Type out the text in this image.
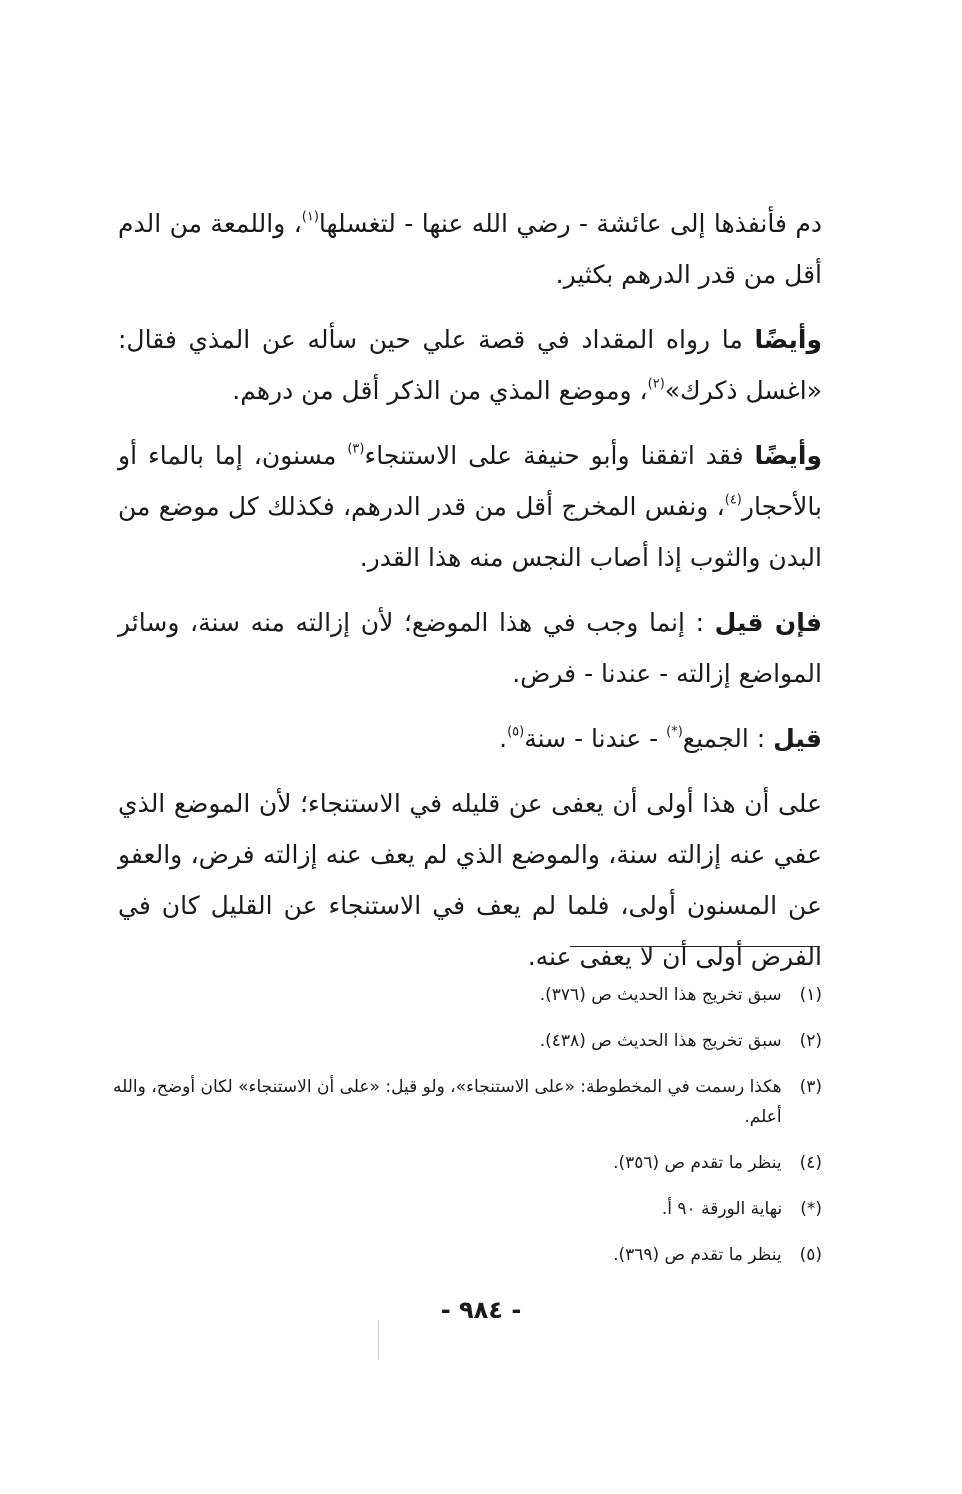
دم فأنفذها إلى عائشة - رضي الله عنها - لتغسلها$^{(١)}$، واللمعة من الدم أقل من قدر الدرهم بكثير.

وأيضًا ما رواه المقداد في قصة علي حين سأله عن المذي فقال: «اغسل ذكرك»$^{(٢)}$، وموضع المذي من الذكر أقل من درهم.

وأيضًا فقد اتفقنا وأبو حنيفة على الاستنجاء$^{(٣)}$ مسنون، إما بالماء أو بالأحجار$^{(٤)}$، ونفس المخرج أقل من قدر الدرهم، فكذلك كل موضع من البدن والثوب إذا أصاب النجس منه هذا القدر.

فإن قيل : إنما وجب في هذا الموضع؛ لأن إزالته منه سنة، وسائر المواضع إزالته - عندنا - فرض.

قيل : الجميع(*) - عندنا - سنة$^{(٥)}$.

على أن هذا أولى أن يعفى عن قليله في الاستنجاء؛ لأن الموضع الذي عفي عنه إزالته سنة، والموضع الذي لم يعف عنه إزالته فرض، والعفو عن المسنون أولى، فلما لم يعف في الاستنجاء عن القليل كان في الفرض أولى أن لا يعفى عنه.

(١)
سبق تخريج هذا الحديث ص (٣٧٦).
(٢)
سبق تخريج هذا الحديث ص (٤٣٨).
(٣)
هكذا رسمت في المخطوطة: «على الاستنجاء»، ولو قيل: «على أن الاستنجاء» لكان أوضح، والله أعلم.
(٤)
ينظر ما تقدم ص (٣٥٦).
(*)
نهاية الورقة ٩٠ أ.
(٥)
ينظر ما تقدم ص (٣٦٩).
- ٩٨٤ -
